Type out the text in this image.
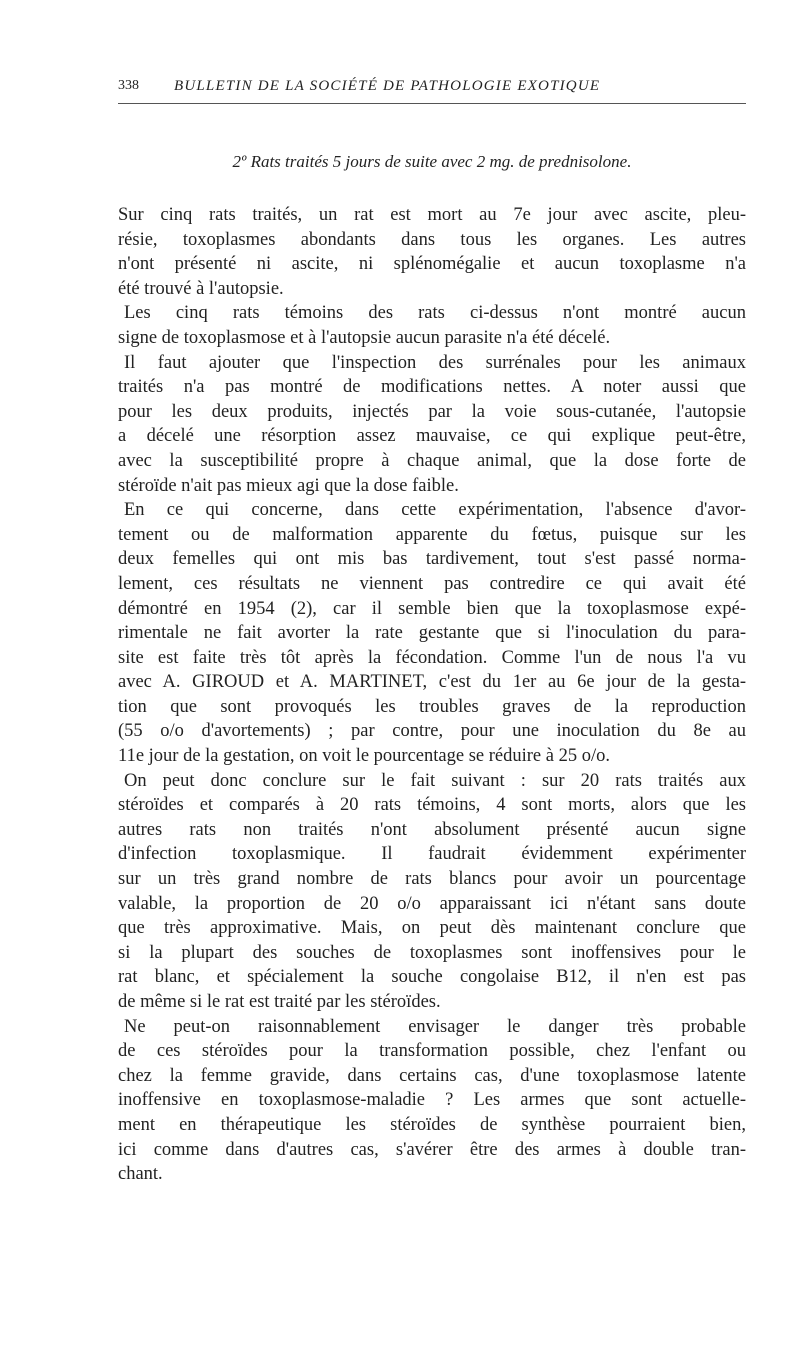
338 BULLETIN DE LA SOCIÉTÉ DE PATHOLOGIE EXOTIQUE
2º Rats traités 5 jours de suite avec 2 mg. de prednisolone.
Sur cinq rats traités, un rat est mort au 7e jour avec ascite, pleu-
résie, toxoplasmes abondants dans tous les organes. Les autres
n'ont présenté ni ascite, ni splénomégalie et aucun toxoplasme n'a
été trouvé à l'autopsie.
Les cinq rats témoins des rats ci-dessus n'ont montré aucun
signe de toxoplasmose et à l'autopsie aucun parasite n'a été décelé.
Il faut ajouter que l'inspection des surrénales pour les animaux
traités n'a pas montré de modifications nettes. A noter aussi que
pour les deux produits, injectés par la voie sous-cutanée, l'autopsie
a décelé une résorption assez mauvaise, ce qui explique peut-être,
avec la susceptibilité propre à chaque animal, que la dose forte de
stéroïde n'ait pas mieux agi que la dose faible.
En ce qui concerne, dans cette expérimentation, l'absence d'avor-
tement ou de malformation apparente du fœtus, puisque sur les
deux femelles qui ont mis bas tardivement, tout s'est passé norma-
lement, ces résultats ne viennent pas contredire ce qui avait été
démontré en 1954 (2), car il semble bien que la toxoplasmose expé-
rimentale ne fait avorter la rate gestante que si l'inoculation du para-
site est faite très tôt après la fécondation. Comme l'un de nous l'a vu
avec A. GIROUD et A. MARTINET, c'est du 1er au 6e jour de la gesta-
tion que sont provoqués les troubles graves de la reproduction
(55 o/o d'avortements) ; par contre, pour une inoculation du 8e au
11e jour de la gestation, on voit le pourcentage se réduire à 25 o/o.
On peut donc conclure sur le fait suivant : sur 20 rats traités aux
stéroïdes et comparés à 20 rats témoins, 4 sont morts, alors que les
autres rats non traités n'ont absolument présenté aucun signe
d'infection toxoplasmique. Il faudrait évidemment expérimenter
sur un très grand nombre de rats blancs pour avoir un pourcentage
valable, la proportion de 20 o/o apparaissant ici n'étant sans doute
que très approximative. Mais, on peut dès maintenant conclure que
si la plupart des souches de toxoplasmes sont inoffensives pour le
rat blanc, et spécialement la souche congolaise B12, il n'en est pas
de même si le rat est traité par les stéroïdes.
Ne peut-on raisonnablement envisager le danger très probable
de ces stéroïdes pour la transformation possible, chez l'enfant ou
chez la femme gravide, dans certains cas, d'une toxoplasmose latente
inoffensive en toxoplasmose-maladie ? Les armes que sont actuelle-
ment en thérapeutique les stéroïdes de synthèse pourraient bien,
ici comme dans d'autres cas, s'avérer être des armes à double tran-
chant.
